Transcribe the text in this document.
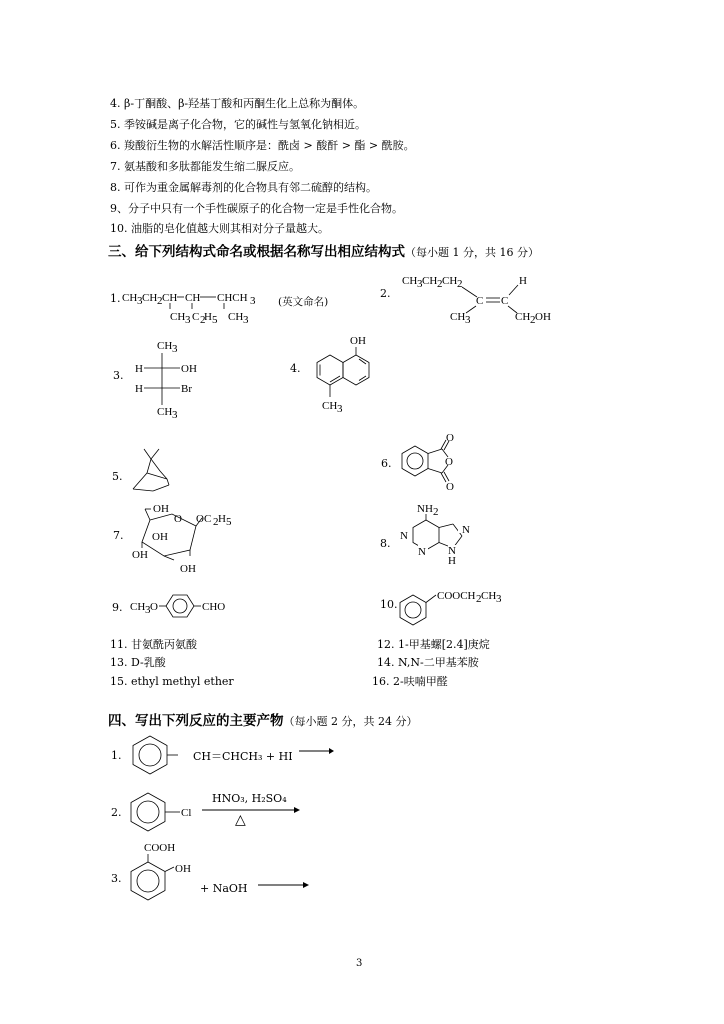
4. β-丁酮酸、β-羟基丁酸和丙酮生化上总称为酮体。
5. 季铵碱是离子化合物，它的碱性与氢氧化钠相近。
6. 羧酸衍生物的水解活性顺序是：酰卤 > 酸酐 > 酯 > 酰胺。
7. 氨基酸和多肽都能发生缩二脲反应。
8. 可作为重金属解毒剂的化合物具有邻二硫醇的结构。
9、分子中只有一个手性碳原子的化合物一定是手性化合物。
10. 油脂的皂化值越大则其相对分子量越大。
三、给下列结构式命名或根据名称写出相应结构式（每小题 1 分，共 16 分）
1. CH 3 CH 2 CH CH CHCH 3
CH 3 C 2
H 5 CH 3
(英文命名)
2.
CH 3 CH 2 CH 2
C C
H
CH 3	CH 2 OH
3.
CH 3
H	OH
H	Br
CH 3
4.
OH
CH 3
5.
6.	O
O
O
7.
OH
O OC 2 H 5
OH
OH
OH
8.
NH 2
N
N
H
N
N
9. CH 3 O	CHO	10.
COOCH 2 CH 3
11. 甘氨酰丙氨酸	12. 1-甲基螺[2.4]庚烷
13. D-乳酸	14. N,N-二甲基苯胺
15. ethyl methyl ether	16. 2-呋喃甲醛
四、写出下列反应的主要产物（每小题 2 分，共 24 分）
1.	CH＝CHCH₃ + HI →
2.	Cl
HNO₃, H₂SO₄
△
3.
COOH
OH
+ NaOH →
3
